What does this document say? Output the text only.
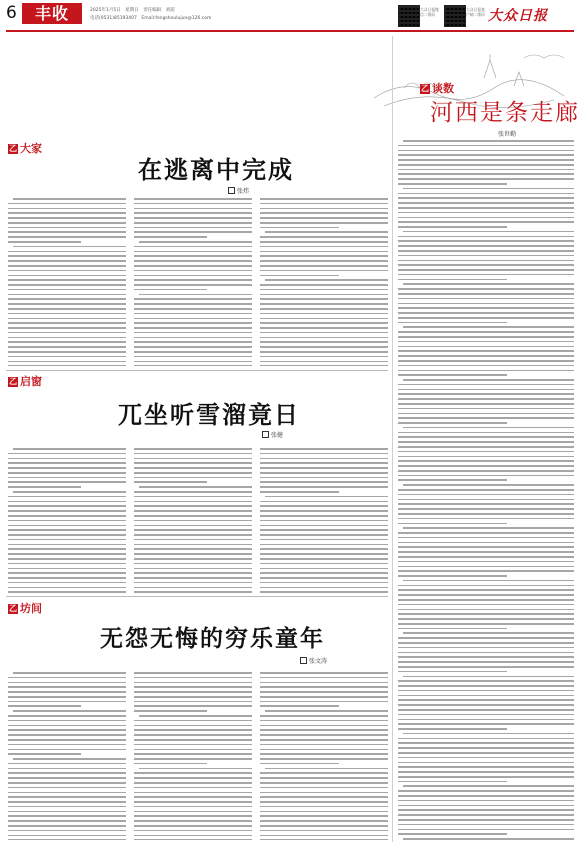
6	丰收	2025年1月5日　星期日　责任编辑　刘超
电话(0531)85193407　Email:fengshoulujun@126.com
大众日报微信二维码
大众日报客户端二维码 大众日报
乙 谈数
河西是条走廊
张世勤
乙 大家
在逃离中完成
张炜
乙 启窗
兀坐听雪溜竟日
张健
乙 坊间
无怨无悔的穷乐童年
张文涛
